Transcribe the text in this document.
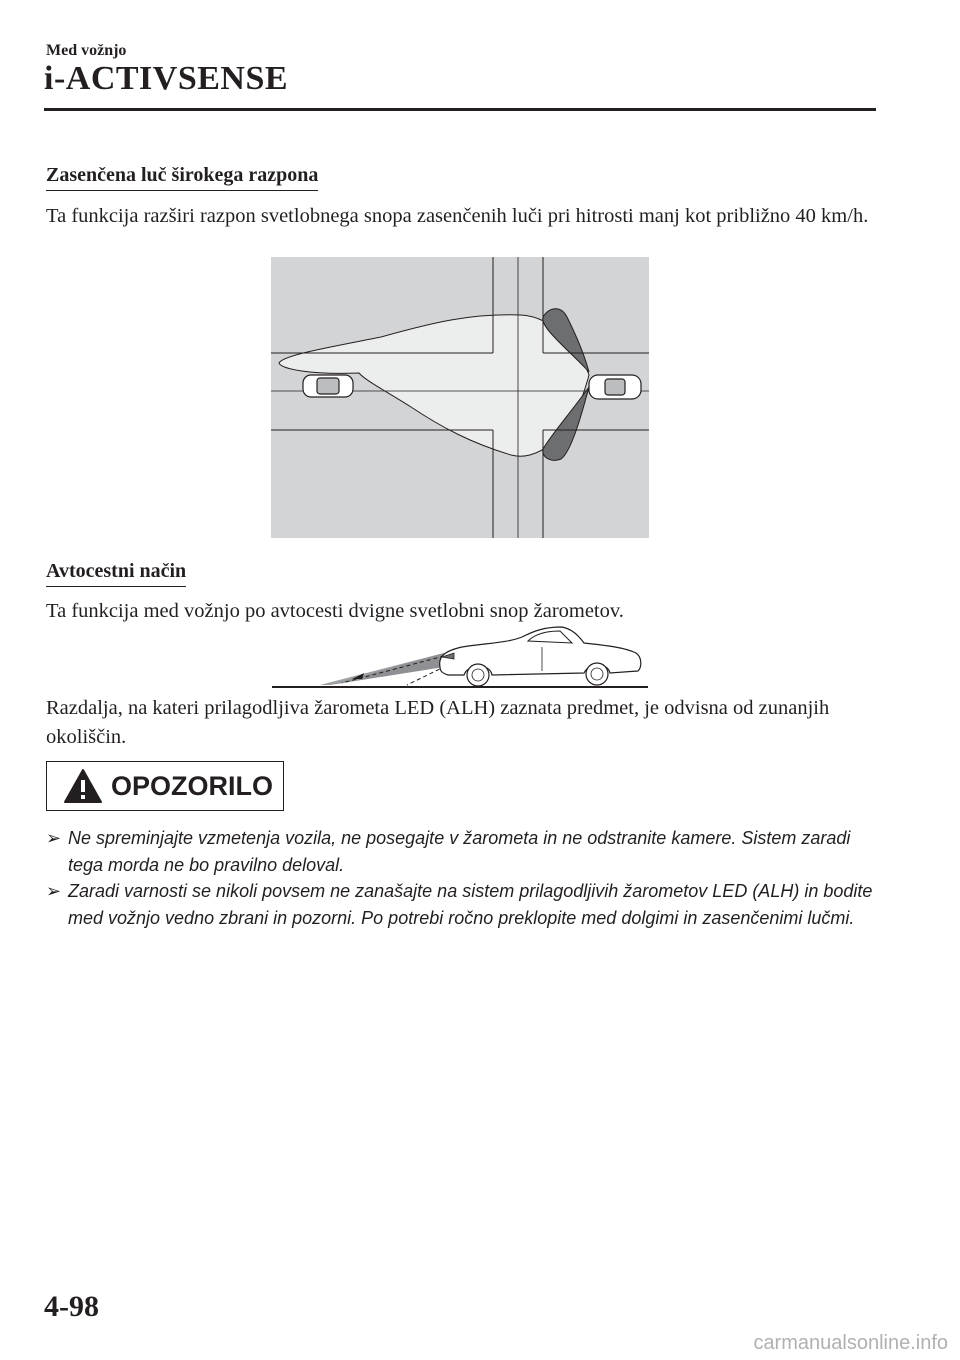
Med vožnjo
i-ACTIVSENSE
Zasenčena luč širokega razpona
Ta funkcija razširi razpon svetlobnega snopa zasenčenih luči pri hitrosti manj kot približno 40 km/h.
Avtocestni način
Ta funkcija med vožnjo po avtocesti dvigne svetlobni snop žarometov.
Razdalja, na kateri prilagodljiva žarometa LED (ALH) zaznata predmet, je odvisna od zunanjih okoliščin.
OPOZORILO
➢ Ne spreminjajte vzmetenja vozila, ne posegajte v žarometa in ne odstranite kamere. Sistem zaradi tega morda ne bo pravilno deloval.
➢ Zaradi varnosti se nikoli povsem ne zanašajte na sistem prilagodljivih žarometov LED (ALH) in bodite med vožnjo vedno zbrani in pozorni. Po potrebi ročno preklopite med dolgimi in zasenčenimi lučmi.
4-98
carmanualsonline.info
